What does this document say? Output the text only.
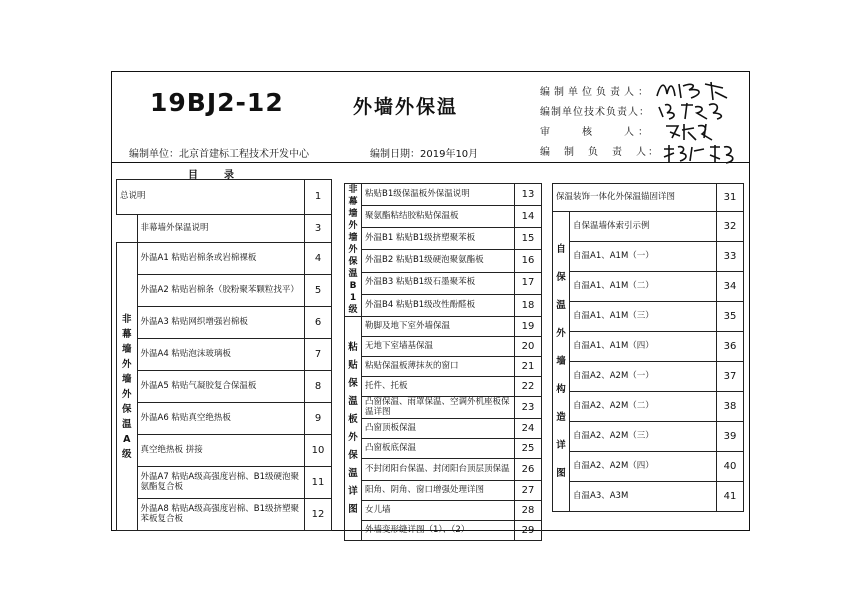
19BJ2-12	外墙外保温
编制单位：北京首建标工程技术开发中心	编制日期：2019年10月
编制单位负责人：
编制单位技术负责人：
审　　核　　人：
编　制　负　责　人：
目录
总说明		1
	非幕墙外保温说明	3
非幕墙外墙外保温A级	外温A1 粘贴岩棉条或岩棉裸板	4
	外温A2 粘贴岩棉条（胶粉聚苯颗粒找平）	5
	外温A3 粘贴网织增强岩棉板	6
	外温A4 粘贴泡沫玻璃板	7
	外温A5 粘贴气凝胶复合保温板	8
	外温A6 粘贴真空绝热板	9
	真空绝热板 拼接	10
	外温A7 粘贴A级高强度岩棉、B1级硬泡聚氨酯复合板	11
	外温A8 粘贴A级高强度岩棉、B1级挤塑聚苯板复合板	12
非幕墙外墙外保温B1级	粘贴B1级保温板外保温说明	13
	聚氨酯粘结胶粘贴保温板	14
	外温B1 粘贴B1级挤塑聚苯板	15
	外温B2 粘贴B1级硬泡聚氨酯板	16
	外温B3 粘贴B1级石墨聚苯板	17
	外温B4 粘贴B1级改性酚醛板	18
粘贴保温板外保温详图	勒脚及地下室外墙保温	19
	无地下室墙基保温	20
	粘贴保温板薄抹灰的窗口	21
	托件、托板	22
	凸窗保温、雨罩保温、空调外机座板保温详图	23
	凸窗顶板保温	24
	凸窗板底保温	25
	不封闭阳台保温、封闭阳台顶层顶保温	26
	阳角、阴角、窗口增强处理详图	27
	女儿墙	28
	外墙变形缝详图（1）、（2）	29
保温装饰一体化外保温锚固详图		31
自保温外墙构造详图	自保温墙体索引示例	32
	自温A1、A1M（一）	33
	自温A1、A1M（二）	34
	自温A1、A1M（三）	35
	自温A1、A1M（四）	36
	自温A2、A2M（一）	37
	自温A2、A2M（二）	38
	自温A2、A2M（三）	39
	自温A2、A2M（四）	40
	自温A3、A3M	41
